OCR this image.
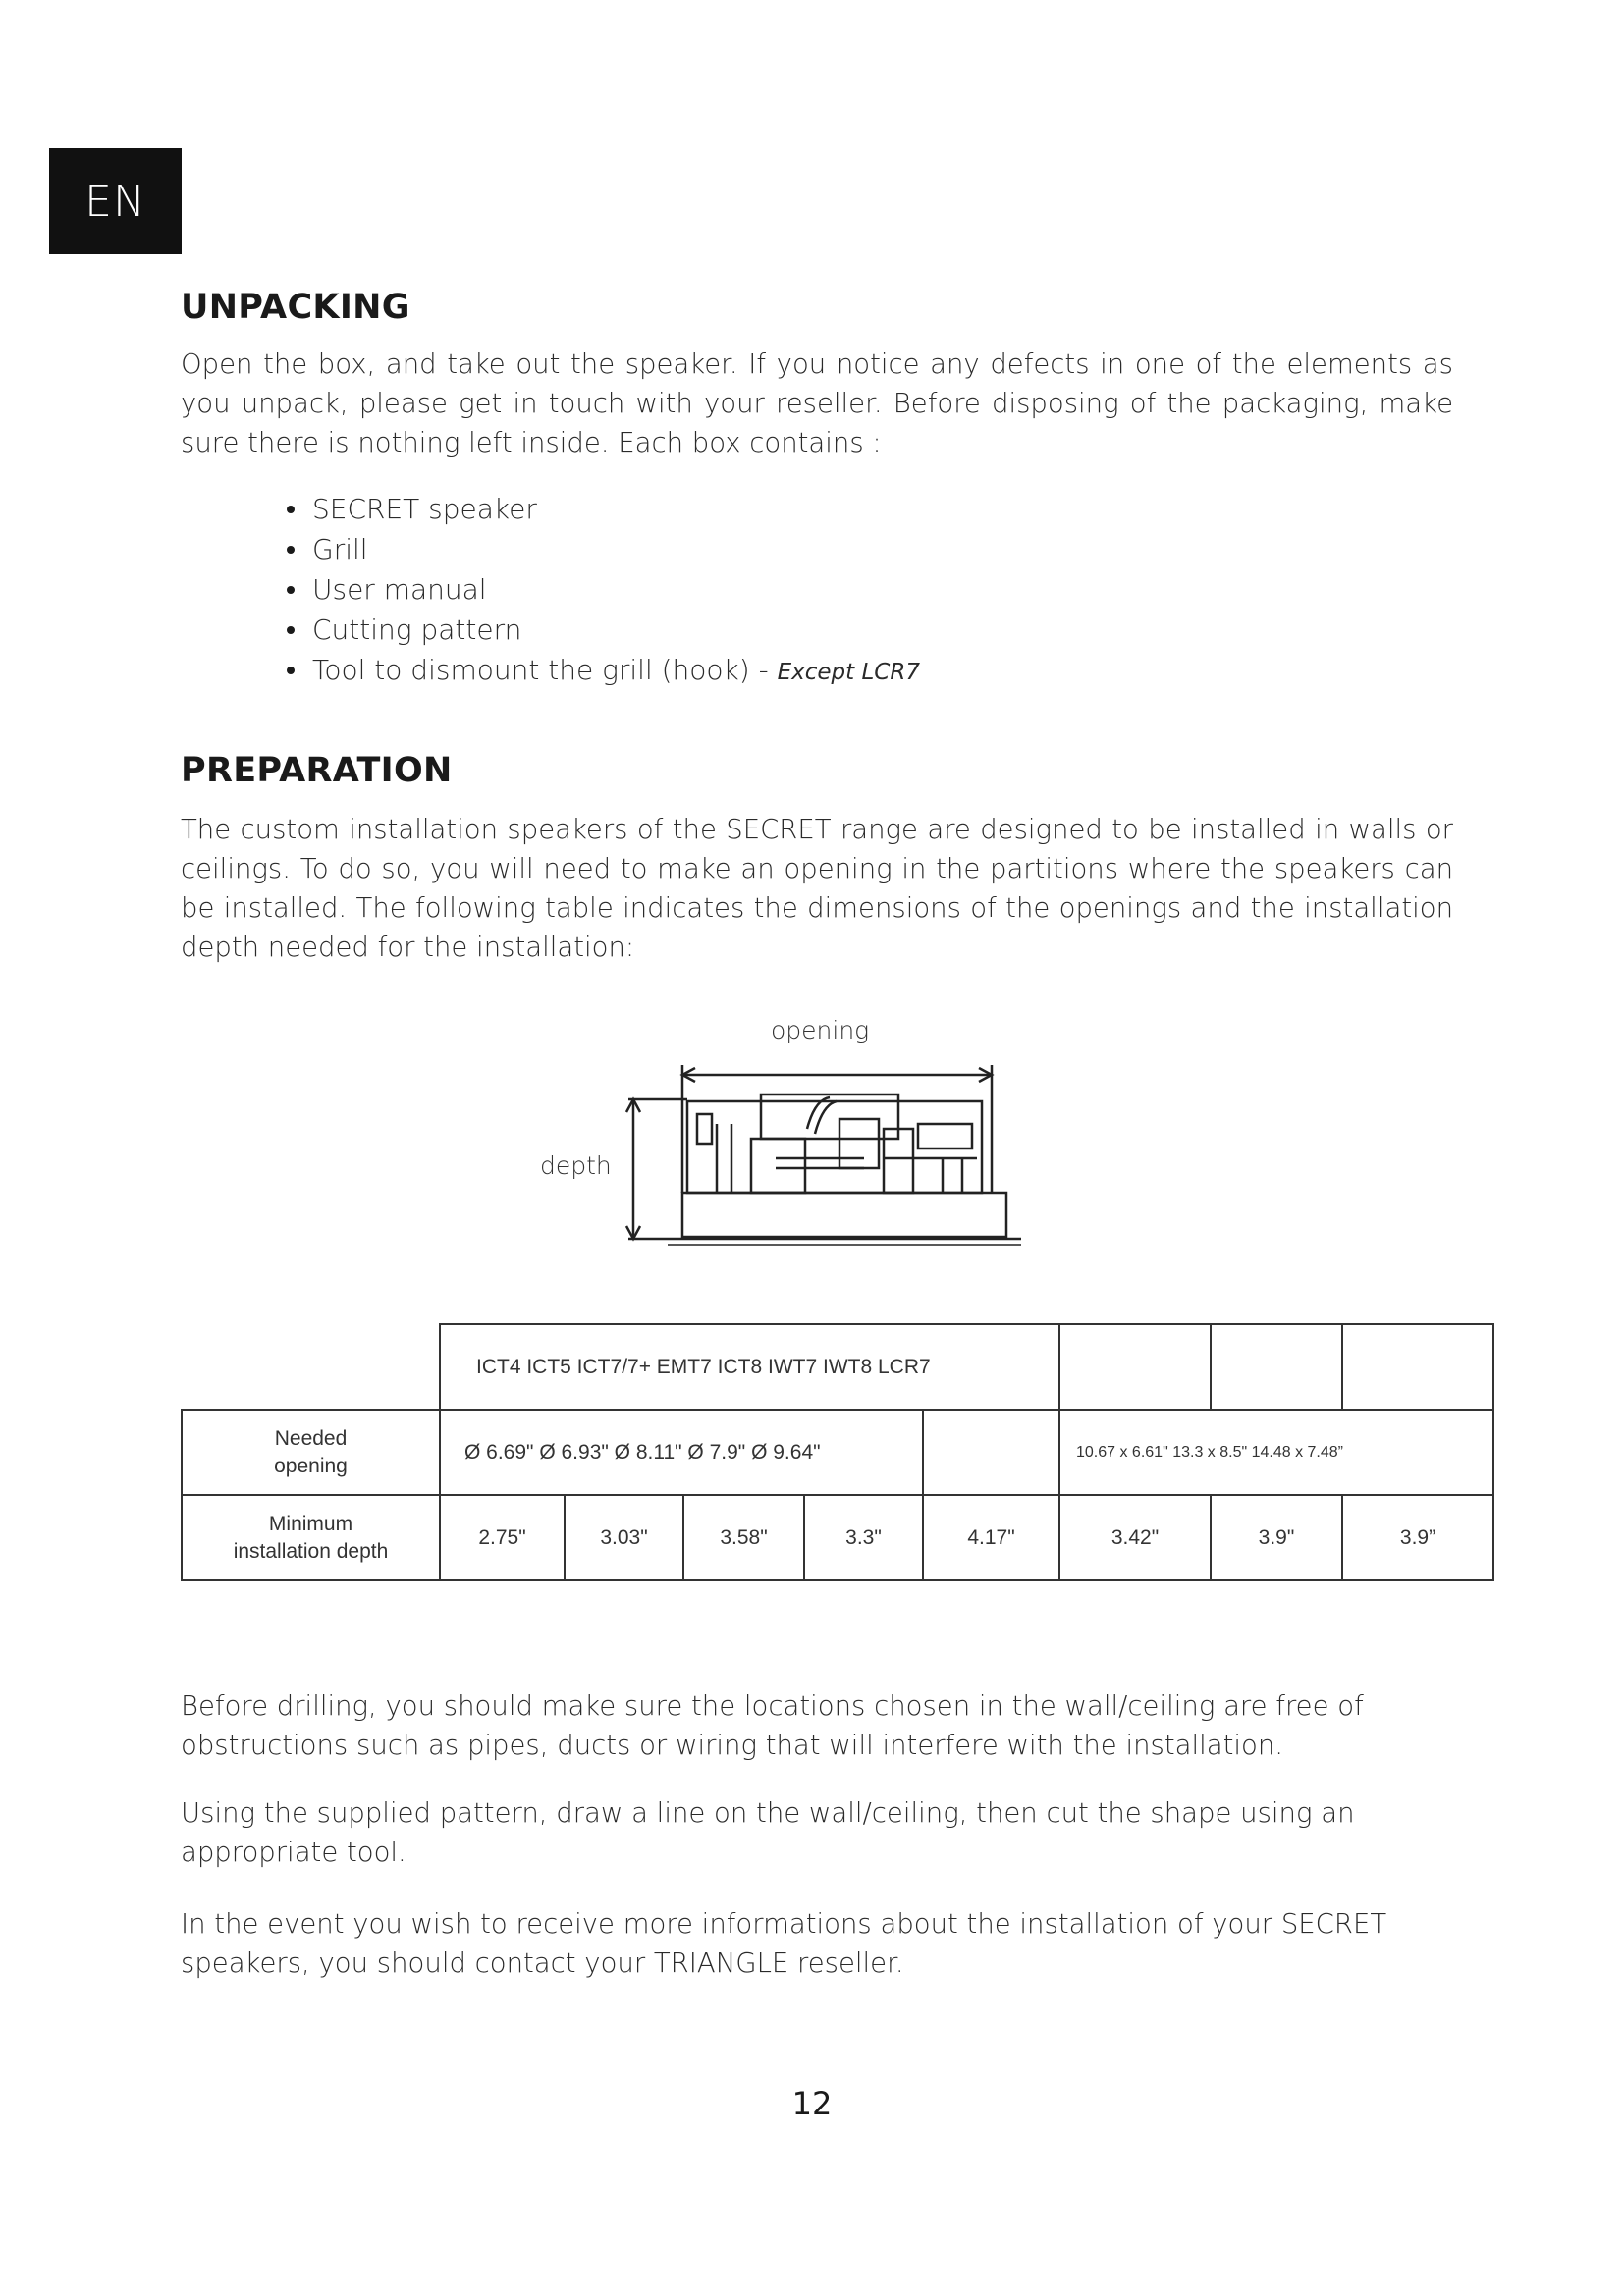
EN
UNPACKING

Open the box, and take out the speaker. If you notice any defects in one of the elements as you unpack, please get in touch with your reseller. Before disposing of the packaging, make sure there is nothing left inside. Each box contains :

SECRET speaker
Grill
User manual
Cutting pattern
Tool to dismount the grill (hook) - Except LCR7
PREPARATION

The custom installation speakers of the SECRET range are designed to be installed in walls or ceilings. To do so, you will need to make an opening in the partitions where the speakers can be installed. The following table indicates the dimensions of the openings and the installation depth needed for the installation:

opening
depth
	ICT4 ICT5 ICT7/7+ EMT7 ICT8 IWT7 IWT8 LCR7							
Needed
opening	Ø 6.69" Ø 6.93" Ø 8.11" Ø 7.9" Ø 9.64"					10.67 x 6.61" 13.3 x 8.5" 14.48 x 7.48”		
Minimum
installation depth	2.75"	3.03"	3.58"	3.3"	4.17"	3.42"	3.9"	3.9”

Before drilling, you should make sure the locations chosen in the wall/ceiling are free of obstructions such as pipes, ducts or wiring that will interfere with the installation.

Using the supplied pattern, draw a line on the wall/ceiling, then cut the shape using an appropriate tool.

In the event you wish to receive more informations about the installation of your SECRET speakers, you should contact your TRIANGLE reseller.

12
